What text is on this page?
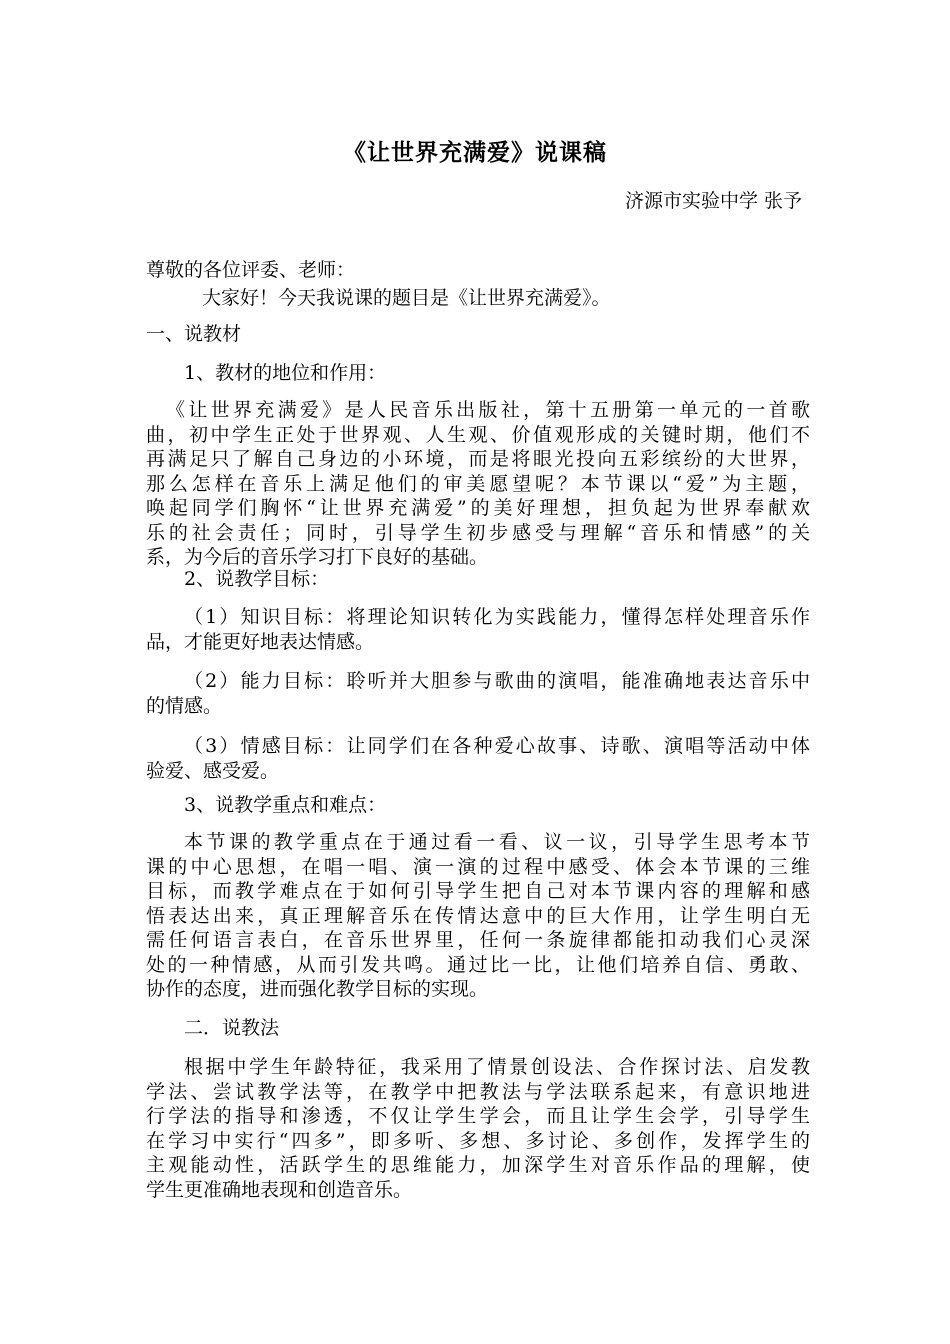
《让世界充满爱》说课稿
济源市实验中学 张予
尊敬的各位评委、老师：
大家好！今天我说课的题目是《让世界充满爱》。
一、说教材
1、教材的地位和作用：
《让世界充满爱》是人民音乐出版社，第十五册第一单元的一首歌
曲，初中学生正处于世界观、人生观、价值观形成的关键时期，他们不
再满足只了解自己身边的小环境，而是将眼光投向五彩缤纷的大世界，
那么怎样在音乐上满足他们的审美愿望呢？本节课以“爱”为主题，
唤起同学们胸怀“让世界充满爱”的美好理想，担负起为世界奉献欢
乐的社会责任；同时，引导学生初步感受与理解“音乐和情感”的关
系，为今后的音乐学习打下良好的基础。
2、说教学目标：
（1）知识目标：将理论知识转化为实践能力，懂得怎样处理音乐作
品，才能更好地表达情感。
（2）能力目标：聆听并大胆参与歌曲的演唱，能准确地表达音乐中
的情感。
（3）情感目标：让同学们在各种爱心故事、诗歌、演唱等活动中体
验爱、感受爱。
3、说教学重点和难点：
本节课的教学重点在于通过看一看、议一议，引导学生思考本节
课的中心思想，在唱一唱、演一演的过程中感受、体会本节课的三维
目标，而教学难点在于如何引导学生把自己对本节课内容的理解和感
悟表达出来，真正理解音乐在传情达意中的巨大作用，让学生明白无
需任何语言表白，在音乐世界里，任何一条旋律都能扣动我们心灵深
处的一种情感，从而引发共鸣。通过比一比，让他们培养自信、勇敢、
协作的态度，进而强化教学目标的实现。
二．说教法
根据中学生年龄特征，我采用了情景创设法、合作探讨法、启发教
学法、尝试教学法等，在教学中把教法与学法联系起来，有意识地进
行学法的指导和渗透，不仅让学生学会，而且让学生会学，引导学生
在学习中实行“四多”，即多听、多想、多讨论、多创作，发挥学生的
主观能动性，活跃学生的思维能力，加深学生对音乐作品的理解，使
学生更准确地表现和创造音乐。
